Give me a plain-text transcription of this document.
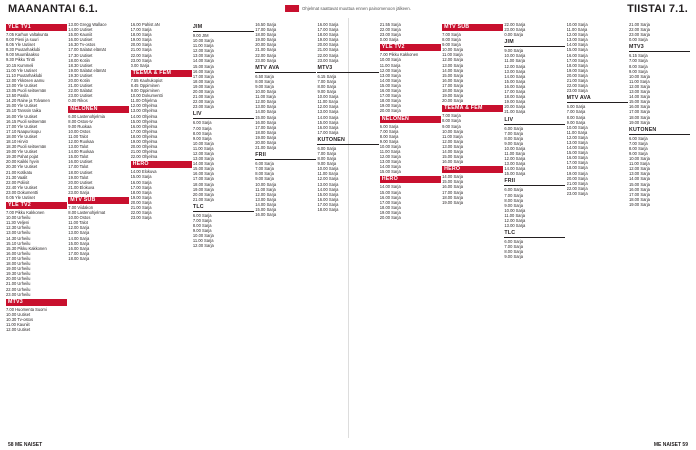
MAANANTAI 6.1.	Ohjelmat saattavat muuttua ennen painomenoon jälkeen.	TIISTAI 7.1.
YLE TV1
7.05 Karhun valtakunta
8.00 Pieni ja suuri
8.05 Yle Uutiset
8.30 Puutarhaklubi
9.00 Muumilaakso
9.30 Pikku Tintti
10.15 Kummeli
11.00 Yle Uutiset
11.10 Puutarhaklubi
12.00 Ykkösen aamu
13.00 Yle Uutiset
13.05 Puoli seitsemän
13.50 Pasila
14.20 Raine ja Tolvanen
15.00 Yle Uutiset
15.10 Tanssin taika
16.00 Yle Uutiset
16.15 Puoli seitsemän
17.00 Yle Uutiset
17.10 Naapurisopu
18.00 Yle Uutiset
18.10 Hirviö
18.30 Puoli seitsemän
19.00 Yle Uutiset
19.30 Pahat pojat
20.00 Kaikki hyvin
20.30 Yle Uutiset
21.00 Kotikatu
21.30 Vaalit
22.00 Poliisit
22.40 Yle Uutiset
23.00 Dokumentti
0.05 Yle Uutiset
YLE TV2
7.00 Pikku Kakkonen
10.00 Urheilu
11.30 Veljeni
12.30 Urheilu
13.00 Urheilu
14.30 Urheilu
15.10 Urheilu
15.30 Pikku Kakkonen
16.00 Urheilu
17.00 Urheilu
18.00 Urheilu
19.00 Urheilu
19.30 Urheilu
20.00 Urheilu
21.00 Urheilu
22.00 Urheilu
23.00 Urheilu
MTV3
7.00 Huomenta Suomi
10.00 Uutiset
10.30 Tv-ostos
11.00 Kauniit
12.00 Uutiset
13.00 Gregg Wallace
14.00 Uutiset
15.00 Kauniit
16.00 Uutiset
16.30 Tv-ostos
17.00 Salatut elämät
17.30 Uutiset
18.00 Kotiin
18.30 Uutiset
19.00 Salatut elämät
19.30 Uutiset
20.00 Kotiin
21.00 Uutiset
22.00 Salatut
23.00 Uutiset
0.00 Rikos
NELONEN
6.00 Lastenohjelmia
8.00 Ostos-tv
9.00 Ruokaa
10.00 Ostos
11.00 Talot
12.00 Ruokaa
13.00 Talot
14.00 Ruokaa
15.00 Talot
16.00 Uutiset
17.00 Talot
18.00 Uutiset
19.00 Talot
20.00 Uutiset
21.00 Elokuva
23.00 Sarja
MTV SUB
7.00 Viidakon
8.00 Lastenohjelmat
10.00 Ostos
11.00 Talot
12.00 Sarja
13.00 Sarja
14.00 Sarja
15.00 Sarja
16.00 Sarja
17.00 Sarja
18.00 Sarja
16.00 Pahist aN
17.00 Sarja
18.00 Sarja
19.00 Sarja
20.00 Sarja
21.00 Sarja
22.00 Sarja
23.00 Sarja
0.00 Sarja
TEEMA & FEM
7.55 Kauhukopiot
8.45 Oppiminen
9.00 Oppiminen
10.00 Dokumentti
11.00 Ohjelma
12.00 Ohjelma
13.00 Ohjelma
14.00 Ohjelma
15.00 Ohjelma
16.00 Ohjelma
17.00 Ohjelma
18.00 Ohjelma
19.00 Ohjelma
20.00 Ohjelma
21.00 Ohjelma
22.00 Ohjelma
HERO
14.00 Elokuva
15.00 Sarja
16.00 Sarja
17.00 Sarja
18.00 Sarja
19.00 Sarja
20.00 Sarja
21.00 Sarja
22.00 Sarja
23.00 Sarja
JIM
9.00 JIM
10.00 Sarja
11.00 Sarja
12.00 Sarja
13.00 Sarja
14.00 Sarja
15.00 Sarja
16.00 Sarja
17.00 Sarja
18.00 Sarja
19.00 Sarja
20.00 Sarja
21.00 Sarja
22.00 Sarja
23.00 Sarja
LIV
6.00 Sarja
7.00 Sarja
8.00 Sarja
9.00 Sarja
10.00 Sarja
11.00 Sarja
12.00 Sarja
13.00 Sarja
14.00 Sarja
15.00 Sarja
16.00 Sarja
17.00 Sarja
18.00 Sarja
19.00 Sarja
20.00 Sarja
21.00 Sarja
TLC
6.00 Sarja
7.00 Sarja
8.00 Sarja
9.00 Sarja
10.00 Sarja
11.00 Sarja
12.00 Sarja
16.50 Sarja
17.00 Sarja
18.00 Sarja
19.00 Sarja
20.00 Sarja
21.00 Sarja
22.00 Sarja
23.00 Sarja
MTV AVA
6.50 Sarja
8.00 Sarja
9.00 Sarja
10.00 Sarja
11.00 Sarja
12.00 Sarja
13.00 Sarja
14.00 Sarja
15.00 Sarja
16.00 Sarja
17.00 Sarja
18.00 Sarja
19.00 Sarja
20.00 Sarja
21.00 Sarja
FRII
6.00 Sarja
7.00 Sarja
8.00 Sarja
9.00 Sarja
10.00 Sarja
11.00 Sarja
12.00 Sarja
13.00 Sarja
14.00 Sarja
15.00 Sarja
16.00 Sarja
16.00 Sarja
17.00 Sarja
18.00 Sarja
19.00 Sarja
20.00 Sarja
21.00 Sarja
22.00 Sarja
23.00 Sarja
MTV3
6.15 Sarja
7.00 Sarja
8.00 Sarja
9.00 Sarja
10.00 Sarja
11.00 Sarja
12.00 Sarja
13.00 Sarja
14.00 Sarja
15.00 Sarja
16.00 Sarja
17.00 Sarja
KUTONEN
6.00 Sarja
7.00 Sarja
8.00 Sarja
9.00 Sarja
10.00 Sarja
11.00 Sarja
12.00 Sarja
13.00 Sarja
14.00 Sarja
15.00 Sarja
16.00 Sarja
17.00 Sarja
18.00 Sarja
21.55 Sarja
22.00 Sarja
23.00 Sarja
0.00 Sarja
YLE TV2
7.00 Pikku Kakkonen
10.00 Sarja
11.00 Sarja
12.00 Sarja
13.00 Sarja
14.00 Sarja
15.00 Sarja
16.00 Sarja
17.00 Sarja
18.00 Sarja
19.00 Sarja
20.00 Sarja
NELONEN
6.00 Sarja
7.00 Sarja
8.00 Sarja
9.00 Sarja
10.00 Sarja
11.00 Sarja
12.00 Sarja
13.00 Sarja
14.00 Sarja
15.00 Sarja
HERO
14.00 Sarja
15.00 Sarja
16.00 Sarja
17.00 Sarja
18.00 Sarja
19.00 Sarja
20.00 Sarja
MTV SUB
7.00 Sarja
8.00 Sarja
9.00 Sarja
10.00 Sarja
11.00 Sarja
12.00 Sarja
13.00 Sarja
14.00 Sarja
15.00 Sarja
16.00 Sarja
17.00 Sarja
18.00 Sarja
19.00 Sarja
20.00 Sarja
TEEMA & FEM
7.00 Sarja
8.00 Sarja
9.00 Sarja
10.00 Sarja
11.00 Sarja
12.00 Sarja
13.00 Sarja
14.00 Sarja
15.00 Sarja
16.00 Sarja
HERO
14.00 Sarja
15.00 Sarja
16.00 Sarja
17.00 Sarja
18.00 Sarja
19.00 Sarja
22.00 Sarja
23.00 Sarja
0.00 Sarja
JIM
9.00 Sarja
10.00 Sarja
11.00 Sarja
12.00 Sarja
13.00 Sarja
14.00 Sarja
15.00 Sarja
16.00 Sarja
17.00 Sarja
18.00 Sarja
19.00 Sarja
20.00 Sarja
21.00 Sarja
LIV
6.00 Sarja
7.00 Sarja
8.00 Sarja
9.00 Sarja
10.00 Sarja
11.00 Sarja
12.00 Sarja
13.00 Sarja
14.00 Sarja
15.00 Sarja
FRII
6.00 Sarja
7.00 Sarja
8.00 Sarja
9.00 Sarja
10.00 Sarja
11.00 Sarja
12.00 Sarja
13.00 Sarja
TLC
6.00 Sarja
7.00 Sarja
8.00 Sarja
9.00 Sarja
10.00 Sarja
11.00 Sarja
12.00 Sarja
13.00 Sarja
14.00 Sarja
15.00 Sarja
16.00 Sarja
17.00 Sarja
18.00 Sarja
19.00 Sarja
20.00 Sarja
21.00 Sarja
22.00 Sarja
23.00 Sarja
MTV AVA
6.00 Sarja
7.00 Sarja
8.00 Sarja
9.00 Sarja
10.00 Sarja
11.00 Sarja
12.00 Sarja
13.00 Sarja
14.00 Sarja
15.00 Sarja
16.00 Sarja
17.00 Sarja
18.00 Sarja
19.00 Sarja
20.00 Sarja
21.00 Sarja
22.00 Sarja
23.00 Sarja
21.00 Sarja
22.00 Sarja
23.00 Sarja
0.00 Sarja
MTV3
6.15 Sarja
7.00 Sarja
8.00 Sarja
9.00 Sarja
10.00 Sarja
11.00 Sarja
12.00 Sarja
13.00 Sarja
14.00 Sarja
15.00 Sarja
16.00 Sarja
17.00 Sarja
18.00 Sarja
19.00 Sarja
KUTONEN
6.00 Sarja
7.00 Sarja
8.00 Sarja
9.00 Sarja
10.00 Sarja
11.00 Sarja
12.00 Sarja
13.00 Sarja
14.00 Sarja
15.00 Sarja
16.00 Sarja
17.00 Sarja
18.00 Sarja
19.00 Sarja
58 ME NAISET	ME NAISET 59
